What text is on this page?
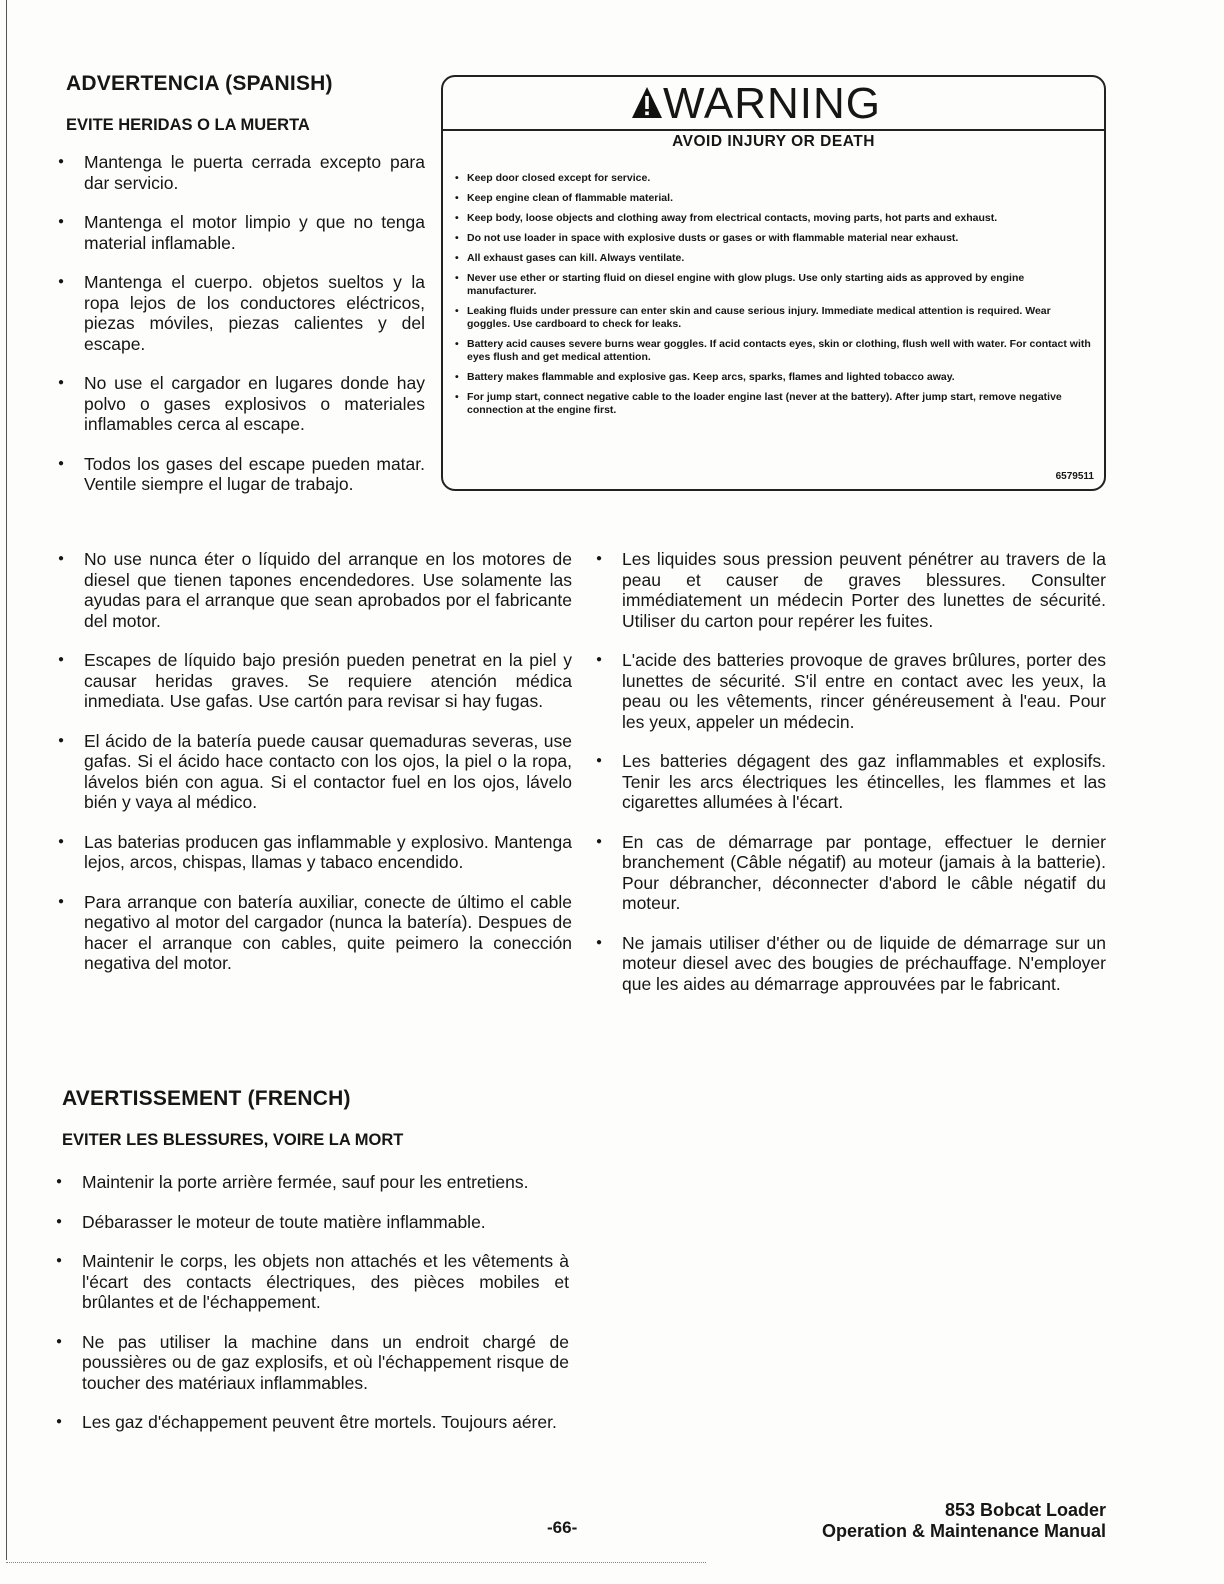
ADVERTENCIA (SPANISH)
EVITE HERIDAS O LA MUERTA
● Mantenga le puerta cerrada excepto para dar servicio.
● Mantenga el motor limpio y que no tenga material inflamable.
● Mantenga el cuerpo. objetos sueltos y la ropa lejos de los conductores eléctricos, piezas móviles, piezas calientes y del escape.
● No use el cargador en lugares donde hay polvo o gases explosivos o materiales inflamables cerca al escape.
● Todos los gases del escape pueden matar. Ventile siempre el lugar de trabajo.
WARNING
AVOID INJURY OR DEATH
• Keep door closed except for service.
• Keep engine clean of flammable material.
• Keep body, loose objects and clothing away from electrical contacts, moving parts, hot parts and exhaust.
• Do not use loader in space with explosive dusts or gases or with flammable material near exhaust.
• All exhaust gases can kill. Always ventilate.
• Never use ether or starting fluid on diesel engine with glow plugs. Use only starting aids as approved by engine manufacturer.
• Leaking fluids under pressure can enter skin and cause serious injury. Immediate medical attention is required. Wear goggles. Use cardboard to check for leaks.
• Battery acid causes severe burns wear goggles. If acid contacts eyes, skin or clothing, flush well with water. For contact with eyes flush and get medical attention.
• Battery makes flammable and explosive gas. Keep arcs, sparks, flames and lighted tobacco away.
• For jump start, connect negative cable to the loader engine last (never at the battery). After jump start, remove negative connection at the engine first.
6579511
● No use nunca éter o líquido del arranque en los motores de diesel que tienen tapones encendedores. Use solamente las ayudas para el arranque que sean aprobados por el fabricante del motor.
● Escapes de líquido bajo presión pueden penetrat en la piel y causar heridas graves. Se requiere atención médica inmediata. Use gafas. Use cartón para revisar si hay fugas.
● El ácido de la batería puede causar quemaduras severas, use gafas. Si el ácido hace contacto con los ojos, la piel o la ropa, lávelos bién con agua. Si el contactor fuel en los ojos, lávelo bién y vaya al médico.
● Las baterias producen gas inflammable y explosivo. Mantenga lejos, arcos, chispas, llamas y tabaco encendido.
● Para arranque con batería auxiliar, conecte de último el cable negativo al motor del cargador (nunca la batería). Despues de hacer el arranque con cables, quite peimero la conección negativa del motor.
● Les liquides sous pression peuvent pénétrer au travers de la peau et causer de graves blessures. Consulter immédiatement un médecin Porter des lunettes de sécurité. Utiliser du carton pour repérer les fuites.
● L'acide des batteries provoque de graves brûlures, porter des lunettes de sécurité. S'il entre en contact avec les yeux, la peau ou les vêtements, rincer généreusement à l'eau. Pour les yeux, appeler un médecin.
● Les batteries dégagent des gaz inflammables et explosifs. Tenir les arcs électriques les étincelles, les flammes et las cigarettes allumées à l'écart.
● En cas de démarrage par pontage, effectuer le dernier branchement (Câble négatif) au moteur (jamais à la batterie). Pour débrancher, déconnecter d'abord le câble négatif du moteur.
● Ne jamais utiliser d'éther ou de liquide de démarrage sur un moteur diesel avec des bougies de préchauffage. N'employer que les aides au démarrage approuvées par le fabricant.
AVERTISSEMENT (FRENCH)
EVITER LES BLESSURES, VOIRE LA MORT
● Maintenir la porte arrière fermée, sauf pour les entretiens.
● Débarasser le moteur de toute matière inflammable.
● Maintenir le corps, les objets non attachés et les vêtements à l'écart des contacts électriques, des pièces mobiles et brûlantes et de l'échappement.
● Ne pas utiliser la machine dans un endroit chargé de poussières ou de gaz explosifs, et où l'échappement risque de toucher des matériaux inflammables.
● Les gaz d'échappement peuvent être mortels. Toujours aérer.
-66-
853 Bobcat Loader
Operation & Maintenance Manual
